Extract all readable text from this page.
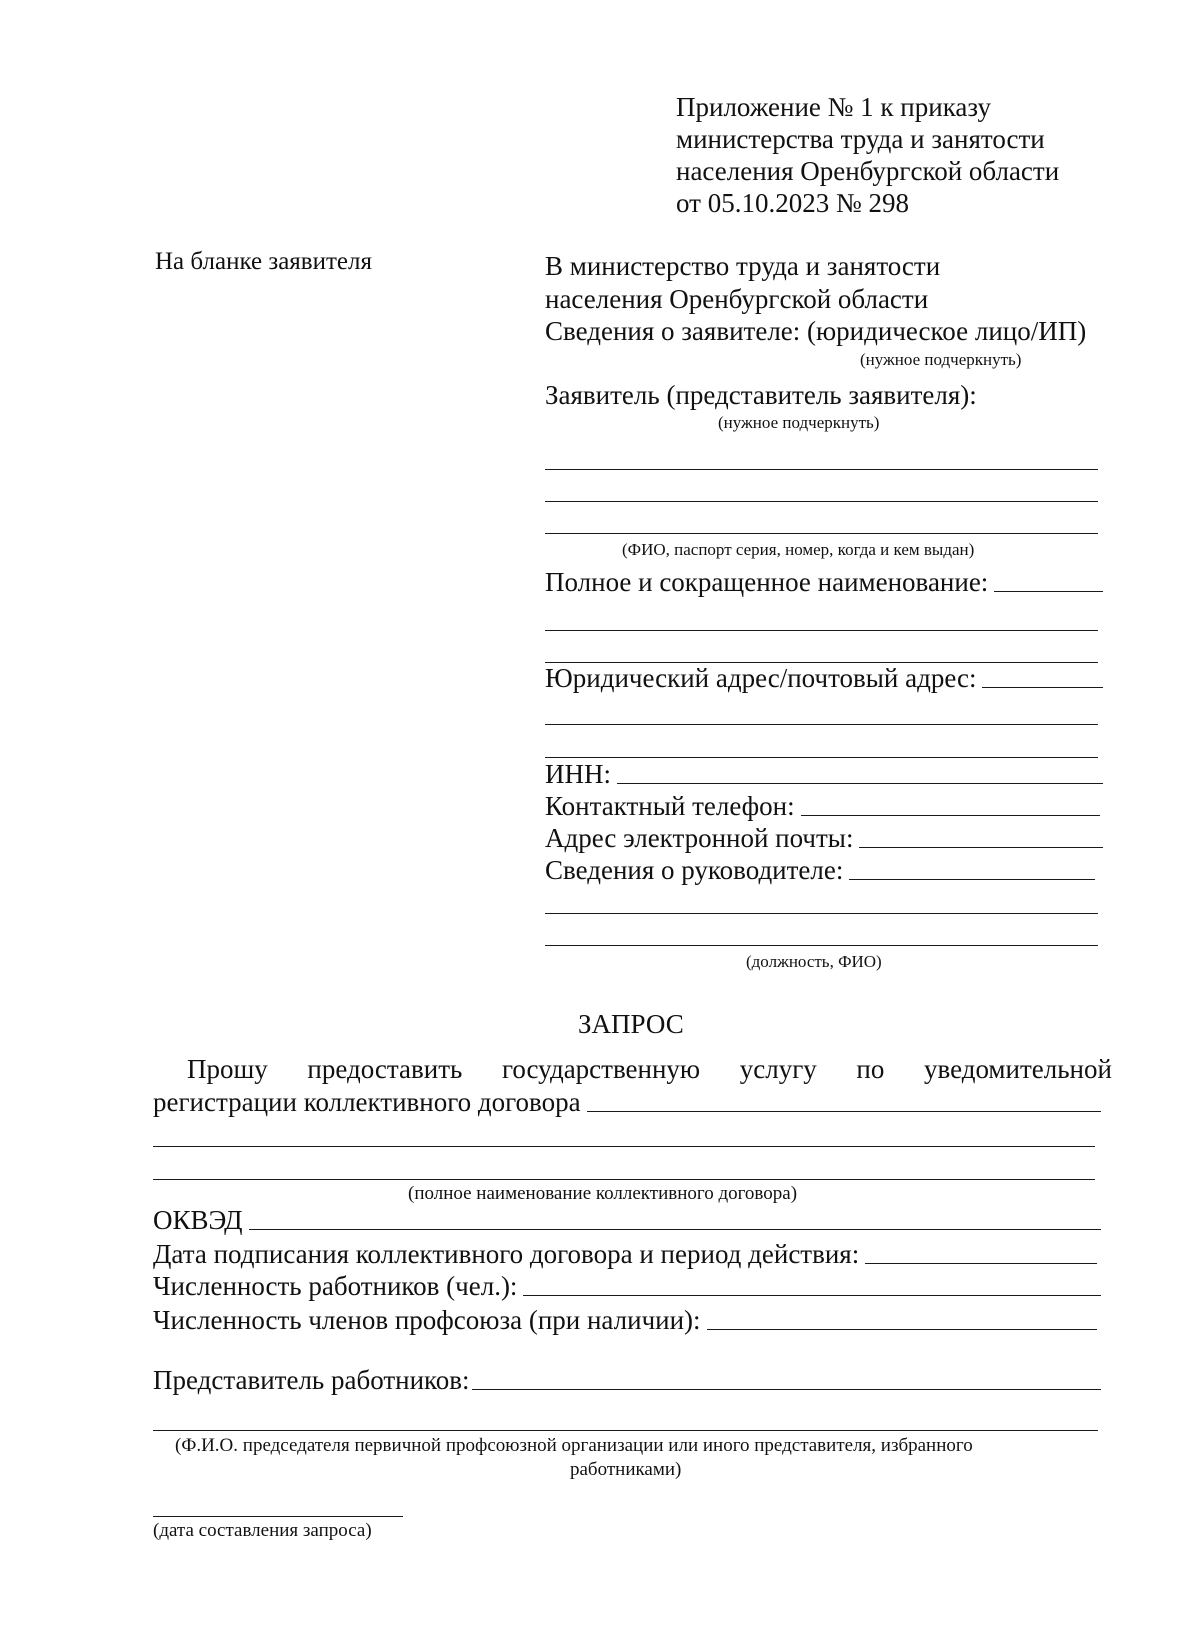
Приложение № 1 к приказу
министерства труда и занятости
населения Оренбургской области
от 05.10.2023 № 298
На бланке заявителя	В министерство труда и занятости
населения Оренбургской области
Сведения о заявителе: (юридическое лицо/ИП)
(нужное подчеркнуть)
Заявитель (представитель заявителя):
(нужное подчеркнуть)
(ФИО, паспорт серия, номер, когда и кем выдан)
Полное и сокращенное наименование:
Юридический адрес/почтовый адрес:
ИНН:
Контактный телефон:
Адрес электронной почты:
Сведения о руководителе:
(должность, ФИО)
ЗАПРОС
Прошу предоставить государственную услугу по уведомительной
регистрации коллективного договора
(полное наименование коллективного договора)
ОКВЭД
Дата подписания коллективного договора и период действия:
Численность работников (чел.):
Численность членов профсоюза (при наличии):
Представитель работников:
(Ф.И.О. председателя первичной профсоюзной организации или иного представителя, избранного
работниками)
(дата составления запроса)
